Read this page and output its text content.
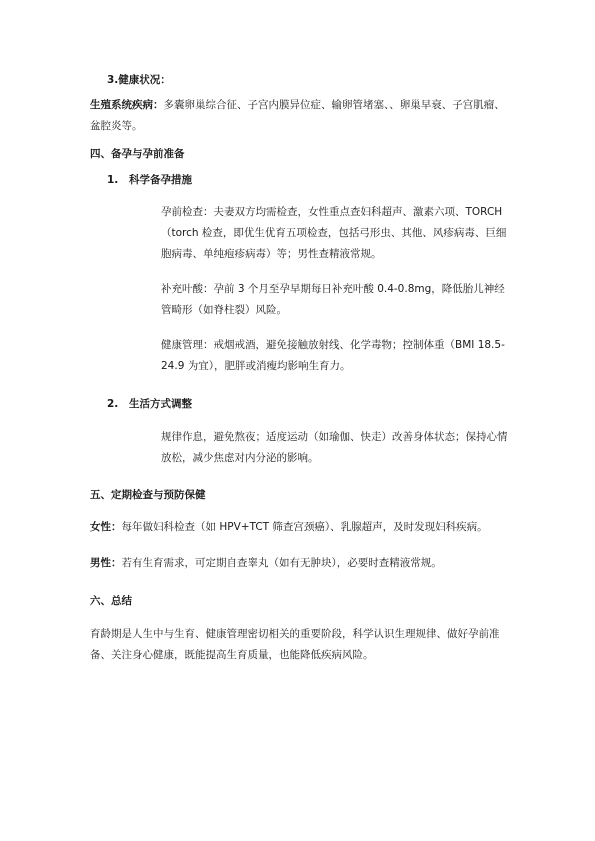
3.健康状况：
生殖系统疾病：多囊卵巢综合征、子宫内膜异位症、输卵管堵塞、、卵巢早衰、子宫肌瘤、盆腔炎等。
四、备孕与孕前准备
1. 科学备孕措施
孕前检查：夫妻双方均需检查，女性重点查妇科超声、激素六项、TORCH（torch 检查，即优生优育五项检查，包括弓形虫、其他、风疹病毒、巨细胞病毒、单纯疱疹病毒）等；男性查精液常规。
补充叶酸：孕前 3 个月至孕早期每日补充叶酸 0.4-0.8mg，降低胎儿神经管畸形（如脊柱裂）风险。
健康管理：戒烟戒酒，避免接触放射线、化学毒物；控制体重（BMI 18.5-24.9 为宜），肥胖或消瘦均影响生育力。
2. 生活方式调整
规律作息，避免熬夜；适度运动（如瑜伽、快走）改善身体状态；保持心情放松，减少焦虑对内分泌的影响。
五、定期检查与预防保健
女性：每年做妇科检查（如 HPV+TCT 筛查宫颈癌）、乳腺超声，及时发现妇科疾病。
男性：若有生育需求，可定期自查睾丸（如有无肿块），必要时查精液常规。
六、总结
育龄期是人生中与生育、健康管理密切相关的重要阶段，科学认识生理规律、做好孕前准备、关注身心健康，既能提高生育质量，也能降低疾病风险。
